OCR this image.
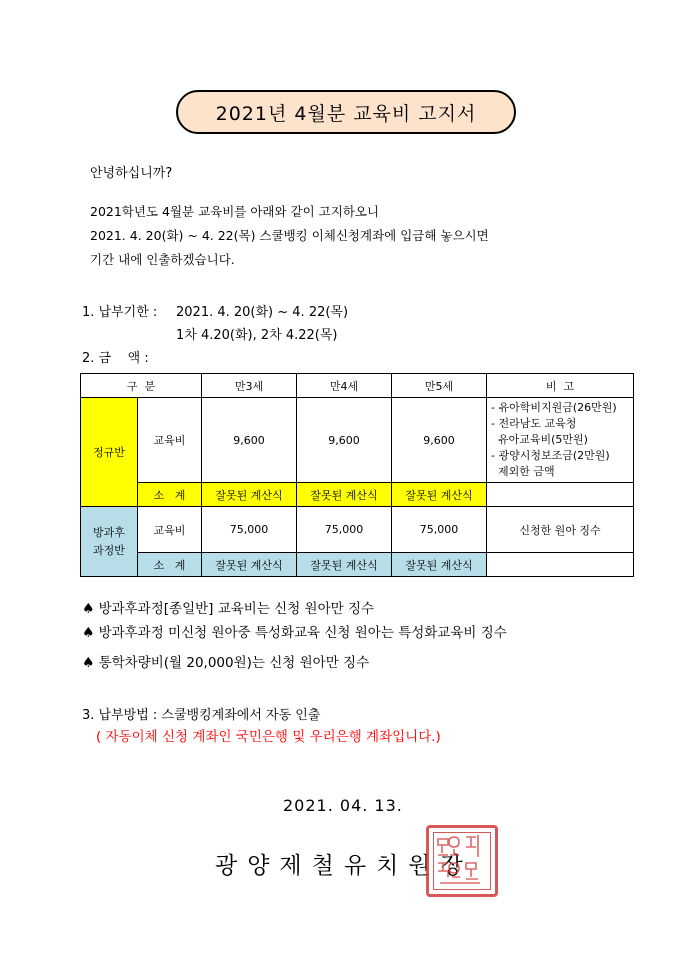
2021년 4월분 교육비 고지서
안녕하십니까?
2021학년도 4월분 교육비를 아래와 같이 고지하오니
2021. 4. 20(화) ~ 4. 22(목) 스쿨뱅킹 이체신청계좌에 입금해 놓으시면
기간 내에 인출하겠습니다.
1. 납부기한 : 2021. 4. 20(화) ~ 4. 22(목)
1차 4.20(화), 2차 4.22(목)
2. 금    액 :
구  분		만3세	만4세	만5세	비  고
정규반	교육비	9,600	9,600	9,600	- 유아학비지원금(26만원)
- 전라남도 교육청
유아교육비(5만원)
- 광양시청보조금(2만원)
제외한 금액

	소   계	잘못된 계산식	잘못된 계산식	잘못된 계산식	

방과후
과정반	교육비	75,000	75,000	75,000	신청한 원아 징수
	소   계	잘못된 계산식	잘못된 계산식	잘못된 계산식	
♠ 방과후과정[종일반] 교육비는 신청 원아만 징수
♠ 방과후과정 미신청 원아중 특성화교육 신청 원아는 특성화교육비 징수
♠ 통학차량비(월 20,000원)는 신청 원아만 징수
3. 납부방법 : 스쿨뱅킹계좌에서 자동 인출
( 자동이체 신청 계좌인 국민은행 및 우리은행 계좌입니다.)
2021. 04. 13.
광양제철유치원장
